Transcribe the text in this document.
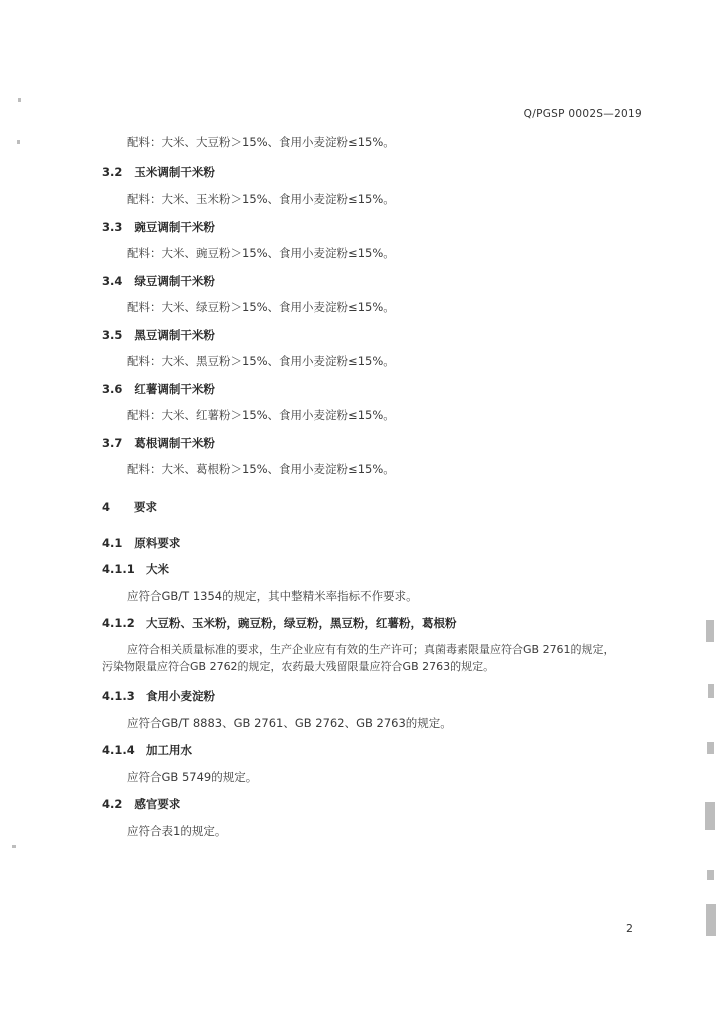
Q/PGSP 0002S—2019
配料：大米、大豆粉＞15%、食用小麦淀粉≤15%。
3.2 玉米调制干米粉
配料：大米、玉米粉＞15%、食用小麦淀粉≤15%。
3.3 豌豆调制干米粉
配料：大米、豌豆粉＞15%、食用小麦淀粉≤15%。
3.4 绿豆调制干米粉
配料：大米、绿豆粉＞15%、食用小麦淀粉≤15%。
3.5 黑豆调制干米粉
配料：大米、黑豆粉＞15%、食用小麦淀粉≤15%。
3.6 红薯调制干米粉
配料：大米、红薯粉＞15%、食用小麦淀粉≤15%。
3.7 葛根调制干米粉
配料：大米、葛根粉＞15%、食用小麦淀粉≤15%。
4 要求
4.1 原料要求
4.1.1 大米
应符合GB/T 1354的规定，其中整精米率指标不作要求。
4.1.2 大豆粉、玉米粉，豌豆粉，绿豆粉，黑豆粉，红薯粉，葛根粉
应符合相关质量标准的要求，生产企业应有有效的生产许可；真菌毒素限量应符合GB 2761的规定，
污染物限量应符合GB 2762的规定，农药最大残留限量应符合GB 2763的规定。
4.1.3 食用小麦淀粉
应符合GB/T 8883、GB 2761、GB 2762、GB 2763的规定。
4.1.4 加工用水
应符合GB 5749的规定。
4.2 感官要求
应符合表1的规定。
2
